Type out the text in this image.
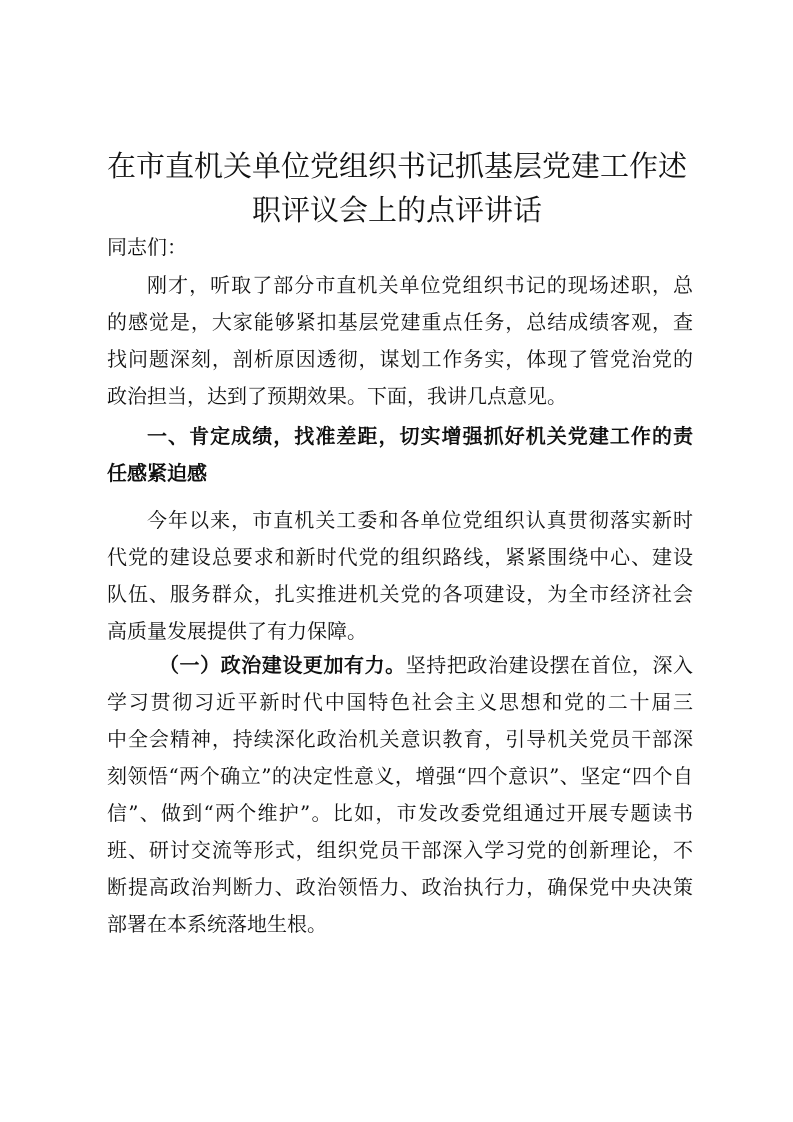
在市直机关单位党组织书记抓基层党建工作述
职评议会上的点评讲话
同志们：
刚才，听取了部分市直机关单位党组织书记的现场述职，总
的感觉是，大家能够紧扣基层党建重点任务，总结成绩客观，查
找问题深刻，剖析原因透彻，谋划工作务实，体现了管党治党的
政治担当，达到了预期效果。下面，我讲几点意见。
一、肯定成绩，找准差距，切实增强抓好机关党建工作的责
任感紧迫感
今年以来，市直机关工委和各单位党组织认真贯彻落实新时
代党的建设总要求和新时代党的组织路线，紧紧围绕中心、建设
队伍、服务群众，扎实推进机关党的各项建设，为全市经济社会
高质量发展提供了有力保障。
（一）政治建设更加有力。坚持把政治建设摆在首位，深入
学习贯彻习近平新时代中国特色社会主义思想和党的二十届三
中全会精神，持续深化政治机关意识教育，引导机关党员干部深
刻领悟“两个确立”的决定性意义，增强“四个意识”、坚定“四个自
信”、做到“两个维护”。比如，市发改委党组通过开展专题读书
班、研讨交流等形式，组织党员干部深入学习党的创新理论，不
断提高政治判断力、政治领悟力、政治执行力，确保党中央决策
部署在本系统落地生根。
